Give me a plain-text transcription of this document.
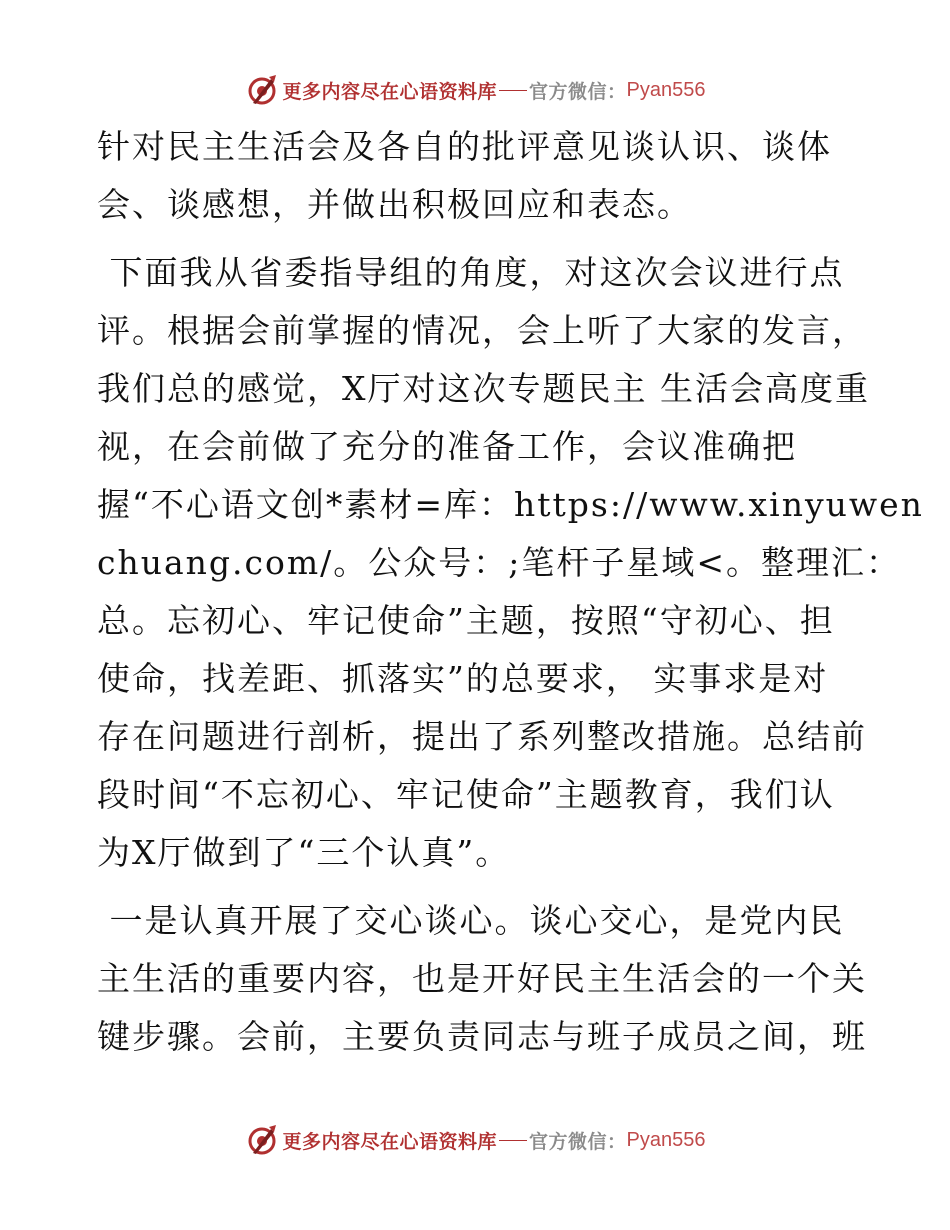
更多内容尽在心语资料库 官方微信： Pyan556
针对民主生活会及各自的批评意见谈认识、谈体
会、谈感想，并做出积极回应和表态。
下面我从省委指导组的角度，对这次会议进行点
评。根据会前掌握的情况，会上听了大家的发言，
我们总的感觉，X厅对这次专题民主 生活会高度重
视，在会前做了充分的准备工作，会议准确把
握“不心语文创*素材=库：https://www.xinyuwen
chuang.com/。公众号：;笔杆子星域<。整理汇：
总。忘初心、牢记使命”主题，按照“守初心、担
使命，找差距、抓落实”的总要求， 实事求是对
存在问题进行剖析，提出了系列整改措施。总结前
段时间“不忘初心、牢记使命”主题教育，我们认
为X厅做到了“三个认真”。
一是认真开展了交心谈心。谈心交心，是党内民
主生活的重要内容，也是开好民主生活会的一个关
键步骤。会前，主要负责同志与班子成员之间，班
更多内容尽在心语资料库 官方微信： Pyan556
